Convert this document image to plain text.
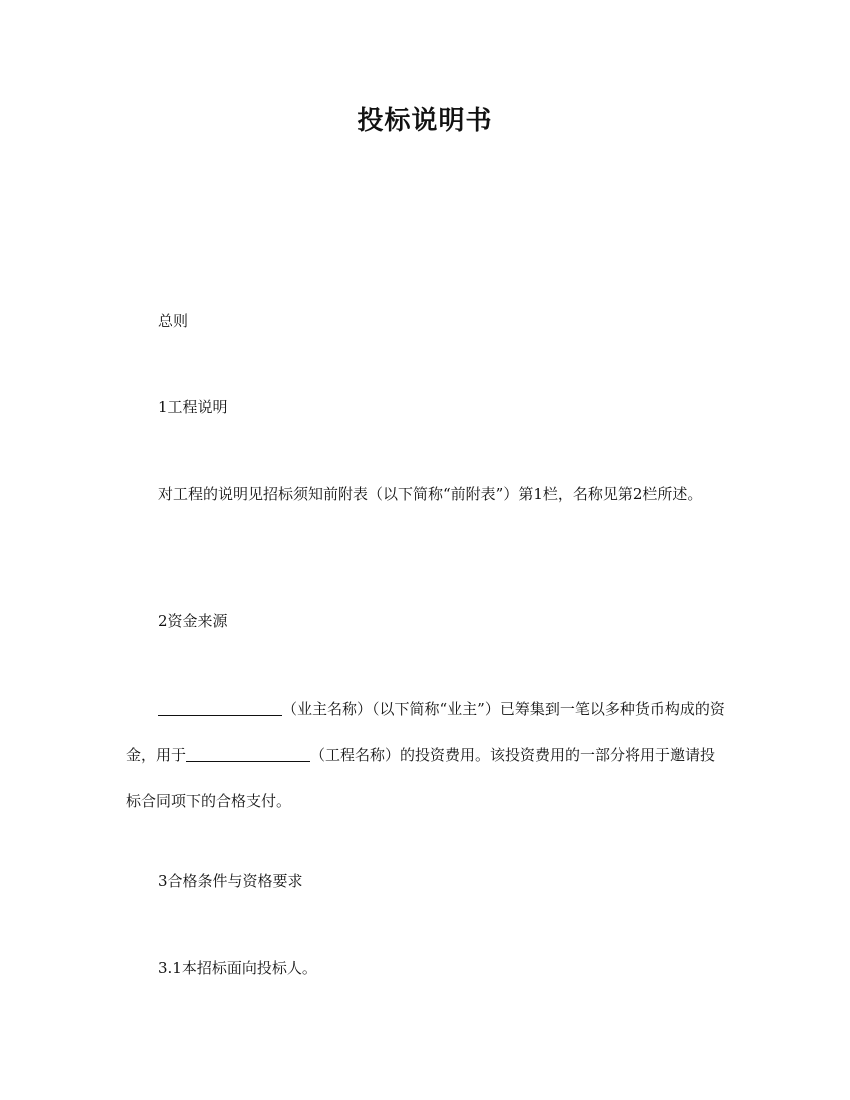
投标说明书

总则

1工程说明

对工程的说明见招标须知前附表（以下简称“前附表”）第1栏，名称见第2栏所述。

2资金来源

（业主名称）（以下简称“业主”）已筹集到一笔以多种货币构成的资金，用于	（工程名称）的投资费用。该投资费用的一部分将用于邀请投标合同项下的合格支付。

3合格条件与资格要求

3.1本招标面向投标人。
